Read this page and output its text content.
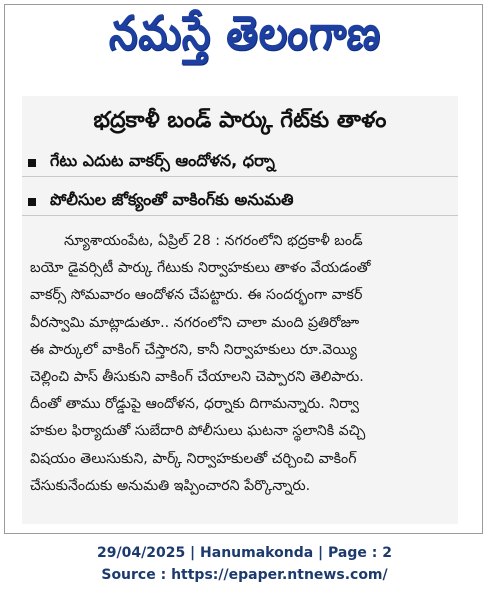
నమస్తే తెలంగాణ
భద్రకాళీ బండ్ పార్కు గేట్‌కు తాళం
గేటు ఎదుట వాకర్స్ ఆందోళన, ధర్నా
పోలీసుల జోక్యంతో వాకింగ్‌కు అనుమతి
న్యూశాయంపేట, ఏప్రిల్ 28 : నగరంలోని భద్రకాళీ బండ్
బయో డైవర్సిటీ పార్కు గేటుకు నిర్వాహకులు తాళం వేయడంతో
వాకర్స్ సోమవారం ఆందోళన చేపట్టారు. ఈ సందర్భంగా వాకర్
వీరస్వామి మాట్లాడుతూ.. నగరంలోని చాలా మంది ప్రతిరోజూ
ఈ పార్కులో వాకింగ్ చేస్తారని, కానీ నిర్వాహకులు రూ.వెయ్యి
చెల్లించి పాస్ తీసుకుని వాకింగ్ చేయాలని చెప్పారని తెలిపారు.
దీంతో తాము రోడ్డుపై ఆందోళన, ధర్నాకు దిగామన్నారు. నిర్వా
హకుల ఫిర్యాదుతో సుబేదారి పోలీసులు ఘటనా స్థలానికి వచ్చి
విషయం తెలుసుకుని, పార్క్ నిర్వాహకులతో చర్చించి వాకింగ్
చేసుకునేందుకు అనుమతి ఇప్పించారని పేర్కొన్నారు.
29/04/2025 | Hanumakonda | Page : 2
Source : https://epaper.ntnews.com/
